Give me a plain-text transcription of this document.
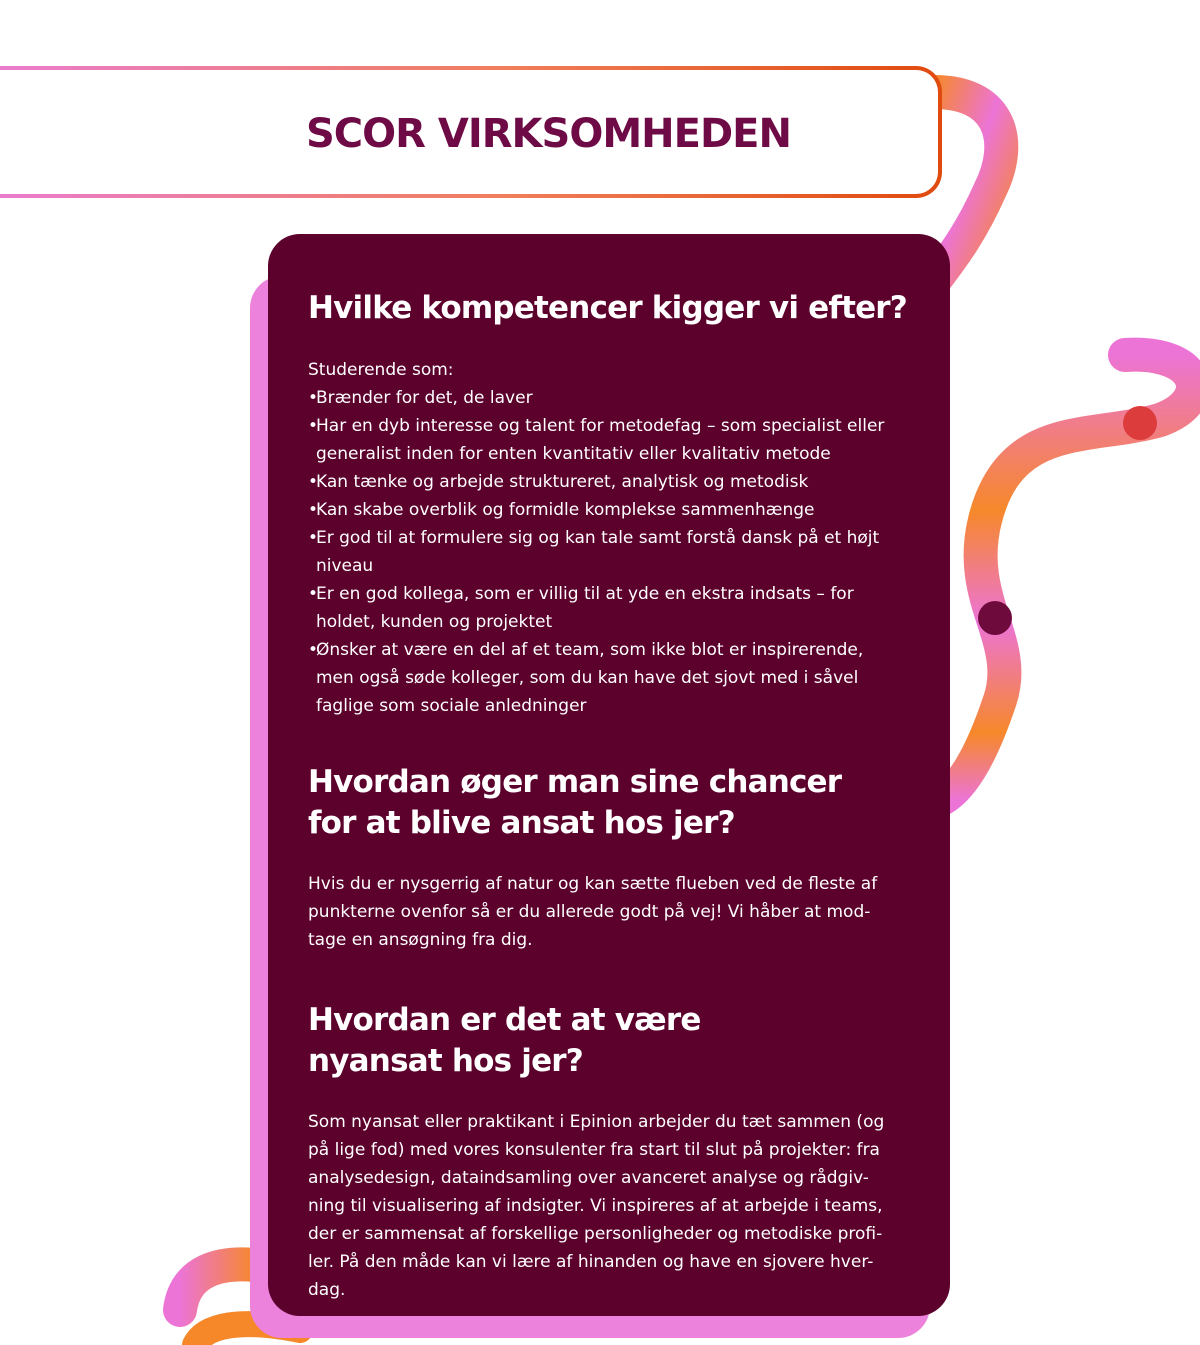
SCOR VIRKSOMHEDEN
Hvilke kompetencer kigger vi efter?
Studerende som:
•
Brænder for det, de laver
•
Har en dyb interesse og talent for metodefag – som specialist eller
generalist inden for enten kvantitativ eller kvalitativ metode
•
Kan tænke og arbejde struktureret, analytisk og metodisk
•
Kan skabe overblik og formidle komplekse sammenhænge
•
Er god til at formulere sig og kan tale samt forstå dansk på et højt
niveau
•
Er en god kollega, som er villig til at yde en ekstra indsats – for
holdet, kunden og projektet
•
Ønsker at være en del af et team, som ikke blot er inspirerende,
men også søde kolleger, som du kan have det sjovt med i såvel
faglige som sociale anledninger
Hvordan øger man sine chancer
for at blive ansat hos jer?
Hvis du er nysgerrig af natur og kan sætte flueben ved de fleste af
punkterne ovenfor så er du allerede godt på vej! Vi håber at mod-
tage en ansøgning fra dig.
Hvordan er det at være
nyansat hos jer?
Som nyansat eller praktikant i Epinion arbejder du tæt sammen (og
på lige fod) med vores konsulenter fra start til slut på projekter: fra
analysedesign, dataindsamling over avanceret analyse og rådgiv-
ning til visualisering af indsigter. Vi inspireres af at arbejde i teams,
der er sammensat af forskellige personligheder og metodiske profi-
ler. På den måde kan vi lære af hinanden og have en sjovere hver-
dag.
